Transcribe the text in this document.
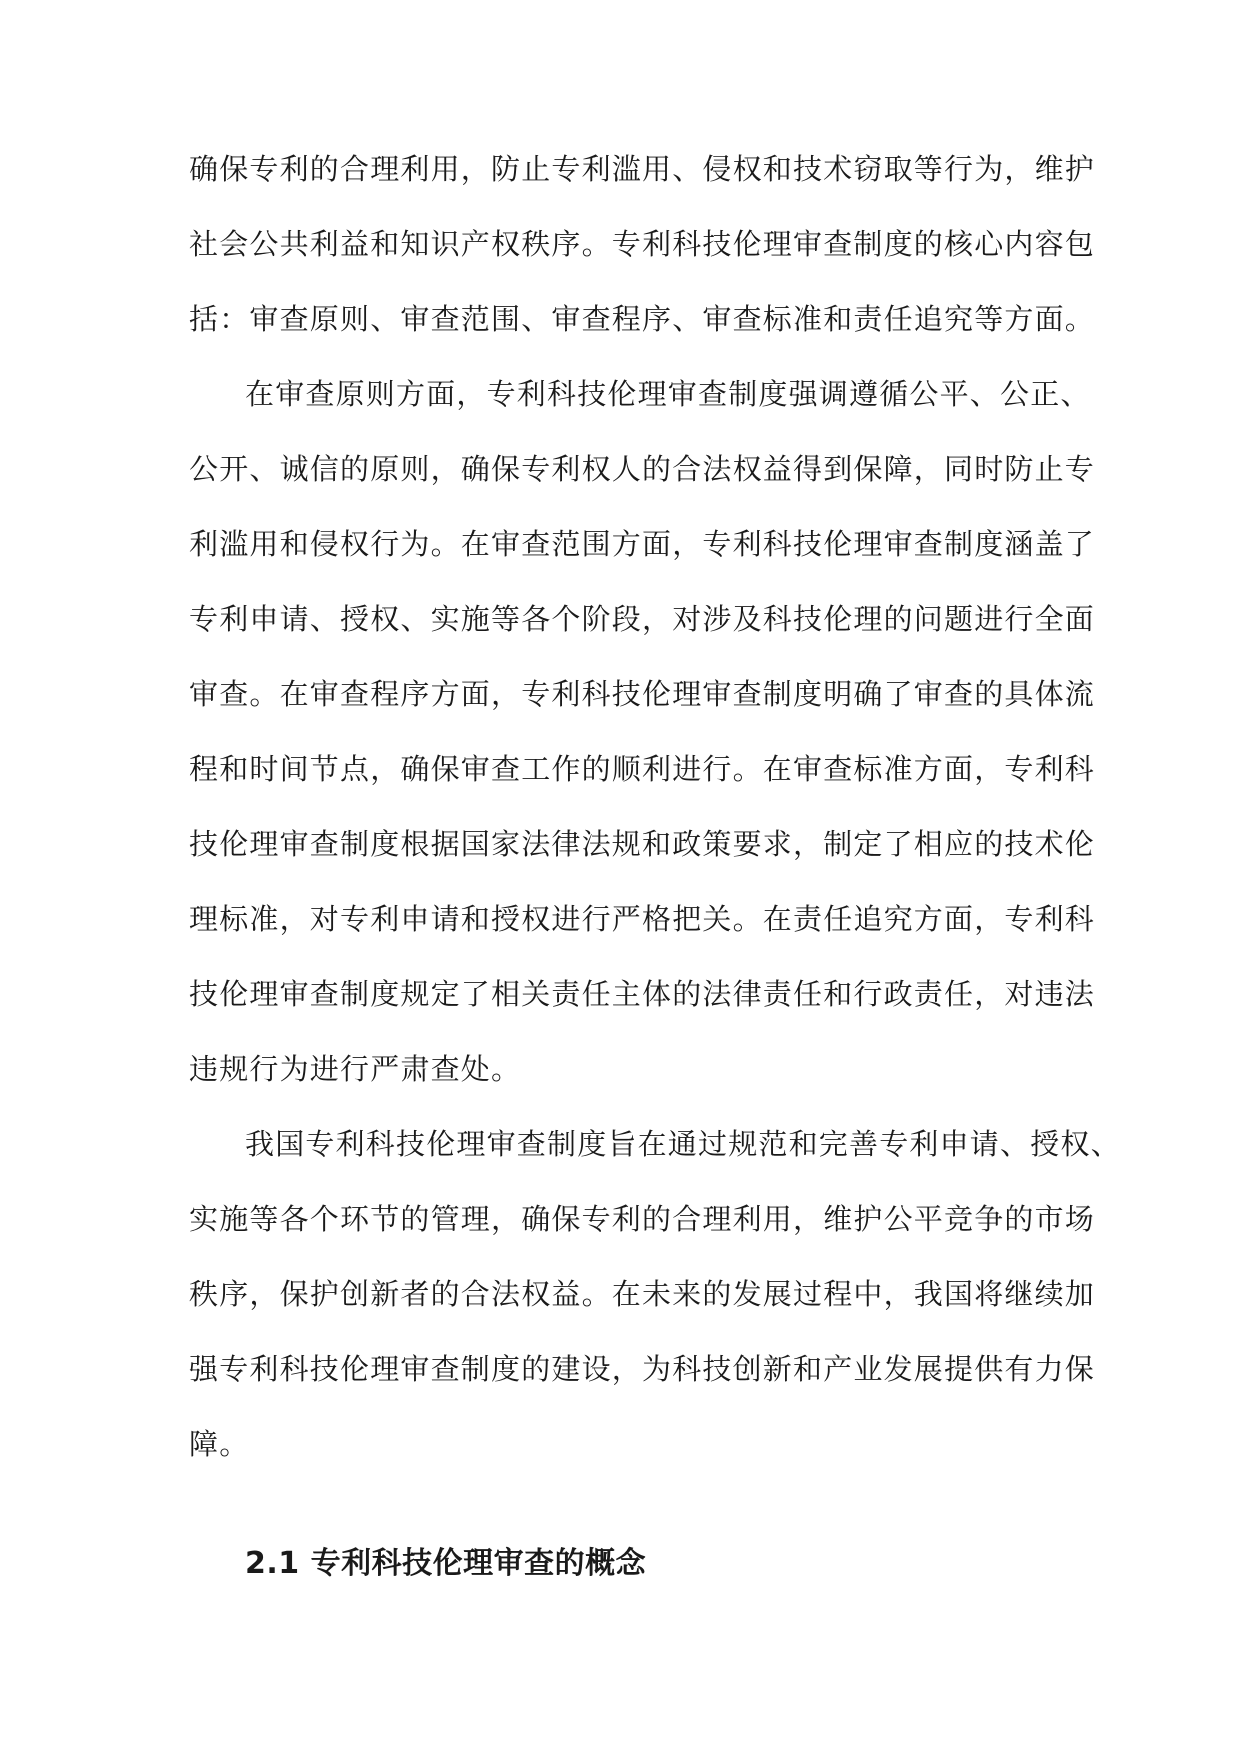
确保专利的合理利用，防止专利滥用、侵权和技术窃取等行为，维护
社会公共利益和知识产权秩序。专利科技伦理审查制度的核心内容包
括：审查原则、审查范围、审查程序、审查标准和责任追究等方面。
在审查原则方面，专利科技伦理审查制度强调遵循公平、公正、
公开、诚信的原则，确保专利权人的合法权益得到保障，同时防止专
利滥用和侵权行为。在审查范围方面，专利科技伦理审查制度涵盖了
专利申请、授权、实施等各个阶段，对涉及科技伦理的问题进行全面
审查。在审查程序方面，专利科技伦理审查制度明确了审查的具体流
程和时间节点，确保审查工作的顺利进行。在审查标准方面，专利科
技伦理审查制度根据国家法律法规和政策要求，制定了相应的技术伦
理标准，对专利申请和授权进行严格把关。在责任追究方面，专利科
技伦理审查制度规定了相关责任主体的法律责任和行政责任，对违法
违规行为进行严肃查处。
我国专利科技伦理审查制度旨在通过规范和完善专利申请、授权、
实施等各个环节的管理，确保专利的合理利用，维护公平竞争的市场
秩序，保护创新者的合法权益。在未来的发展过程中，我国将继续加
强专利科技伦理审查制度的建设，为科技创新和产业发展提供有力保
障。
2.1 专利科技伦理审查的概念
